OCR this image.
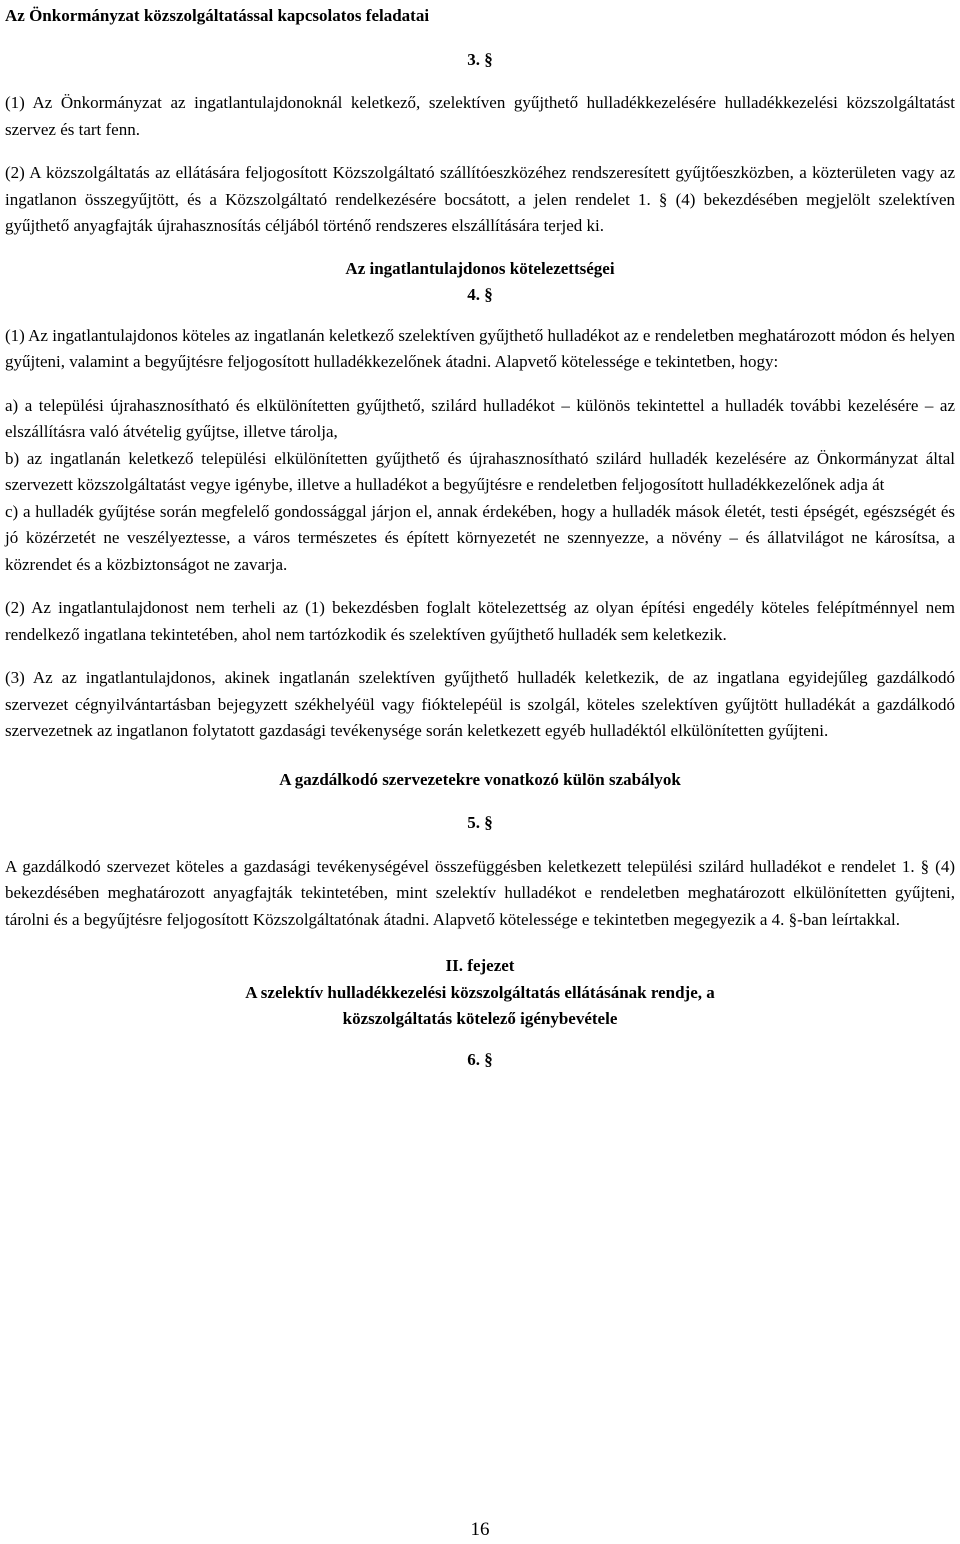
Az Önkormányzat közszolgáltatással kapcsolatos feladatai

3. §

(1) Az Önkormányzat az ingatlantulajdonoknál keletkező, szelektíven gyűjthető hulladékkezelésére hulladékkezelési közszolgáltatást szervez és tart fenn.

(2) A közszolgáltatás az ellátására feljogosított Közszolgáltató szállítóeszközéhez rendszeresített gyűjtőeszközben, a közterületen vagy az ingatlanon összegyűjtött, és a Közszolgáltató rendelkezésére bocsátott, a jelen rendelet 1. § (4) bekezdésében megjelölt szelektíven gyűjthető anyagfajták újrahasznosítás céljából történő rendszeres elszállítására terjed ki.

Az ingatlantulajdonos kötelezettségei

4. §

(1) Az ingatlantulajdonos köteles az ingatlanán keletkező szelektíven gyűjthető hulladékot az e rendeletben meghatározott módon és helyen gyűjteni, valamint a begyűjtésre feljogosított hulladékkezelőnek átadni. Alapvető kötelessége e tekintetben, hogy:

a) a települési újrahasznosítható és elkülönítetten gyűjthető, szilárd hulladékot – különös tekintettel a hulladék további kezelésére – az elszállításra való átvételig gyűjtse, illetve tárolja,

b) az ingatlanán keletkező települési elkülönítetten gyűjthető és újrahasznosítható szilárd hulladék kezelésére az Önkormányzat által szervezett közszolgáltatást vegye igénybe, illetve a hulladékot a begyűjtésre e rendeletben feljogosított hulladékkezelőnek adja át

c) a hulladék gyűjtése során megfelelő gondossággal járjon el, annak érdekében, hogy a hulladék mások életét, testi épségét, egészségét és jó közérzetét ne veszélyeztesse, a város természetes és épített környezetét ne szennyezze, a növény – és állatvilágot ne károsítsa, a közrendet és a közbiztonságot ne zavarja.

(2) Az ingatlantulajdonost nem terheli az (1) bekezdésben foglalt kötelezettség az olyan építési engedély köteles felépítménnyel nem rendelkező ingatlana tekintetében, ahol nem tartózkodik és szelektíven gyűjthető hulladék sem keletkezik.

(3) Az az ingatlantulajdonos, akinek ingatlanán szelektíven gyűjthető hulladék keletkezik, de az ingatlana egyidejűleg gazdálkodó szervezet cégnyilvántartásban bejegyzett székhelyéül vagy fióktelepéül is szolgál, köteles szelektíven gyűjtött hulladékát a gazdálkodó szervezetnek az ingatlanon folytatott gazdasági tevékenysége során keletkezett egyéb hulladéktól elkülönítetten gyűjteni.

A gazdálkodó szervezetekre vonatkozó külön szabályok

5. §

A gazdálkodó szervezet köteles a gazdasági tevékenységével összefüggésben keletkezett települési szilárd hulladékot e rendelet 1. § (4) bekezdésében meghatározott anyagfajták tekintetében, mint szelektív hulladékot e rendeletben meghatározott elkülönítetten gyűjteni, tárolni és a begyűjtésre feljogosított Közszolgáltatónak átadni. Alapvető kötelessége e tekintetben megegyezik a 4. §-ban leírtakkal.

II. fejezet

A szelektív hulladékkezelési közszolgáltatás ellátásának rendje, a

közszolgáltatás kötelező igénybevétele

6. §

16
